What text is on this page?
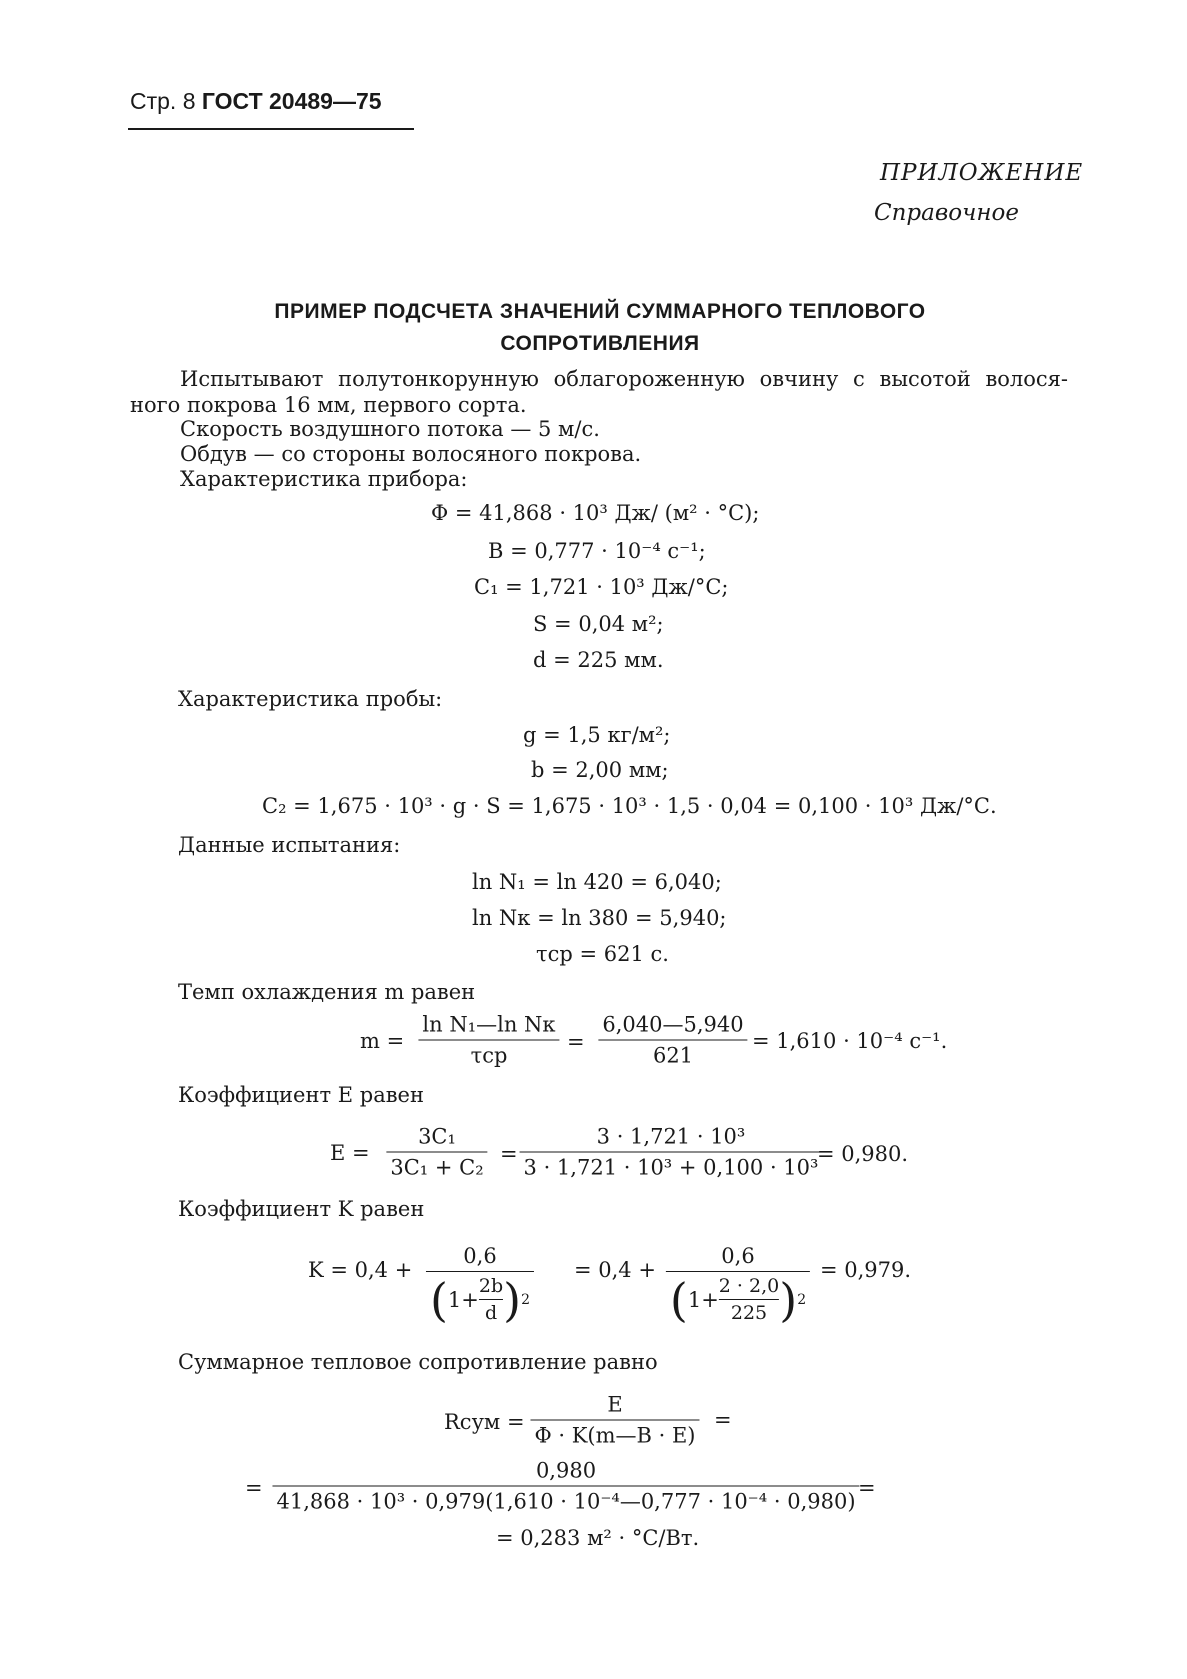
Стр. 8 ГОСТ 20489—75
ПРИЛОЖЕНИЕ
Справочное
ПРИМЕР ПОДСЧЕТА ЗНАЧЕНИЙ СУММАРНОГО ТЕПЛОВОГО
СОПРОТИВЛЕНИЯ
Испытывают полутонкорунную облагороженную овчину с высотой волося-
ного покрова 16 мм, первого сорта.
Скорость воздушного потока — 5 м/с.
Обдув — со стороны волосяного покрова.
Характеристика прибора:
Φ = 41,868 · 10³ Дж/ (м² · °С);
B = 0,777 · 10⁻⁴ с⁻¹;
C₁ = 1,721 · 10³ Дж/°С;
S = 0,04 м²;
d = 225 мм.
Характеристика пробы:
g = 1,5 кг/м²;
b = 2,00 мм;
C₂ = 1,675 · 10³ · g · S = 1,675 · 10³ · 1,5 · 0,04 = 0,100 · 10³ Дж/°С.
Данные испытания:
ln N₁ = ln 420 = 6,040;
ln Nк = ln 380 = 5,940;
τср = 621 с.
Темп охлаждения m равен
m =
ln N₁—ln Nк
τср
=
6,040—5,940
621
= 1,610 · 10⁻⁴ с⁻¹.
Коэффициент E равен
E =
3C₁
3C₁ + C₂
=
3 · 1,721 · 10³
3 · 1,721 · 10³ + 0,100 · 10³
= 0,980.
Коэффициент K равен
K = 0,4 +
0,6
( 1+
2b
d ) 2
= 0,4 +
0,6
( 1+
2 · 2,0
225 ) 2
= 0,979.
Суммарное тепловое сопротивление равно
Rсум =
E
Φ · K(m—B · E)
=
=
0,980
41,868 · 10³ · 0,979(1,610 · 10⁻⁴—0,777 · 10⁻⁴ · 0,980)
=
= 0,283 м² · °С/Вт.
